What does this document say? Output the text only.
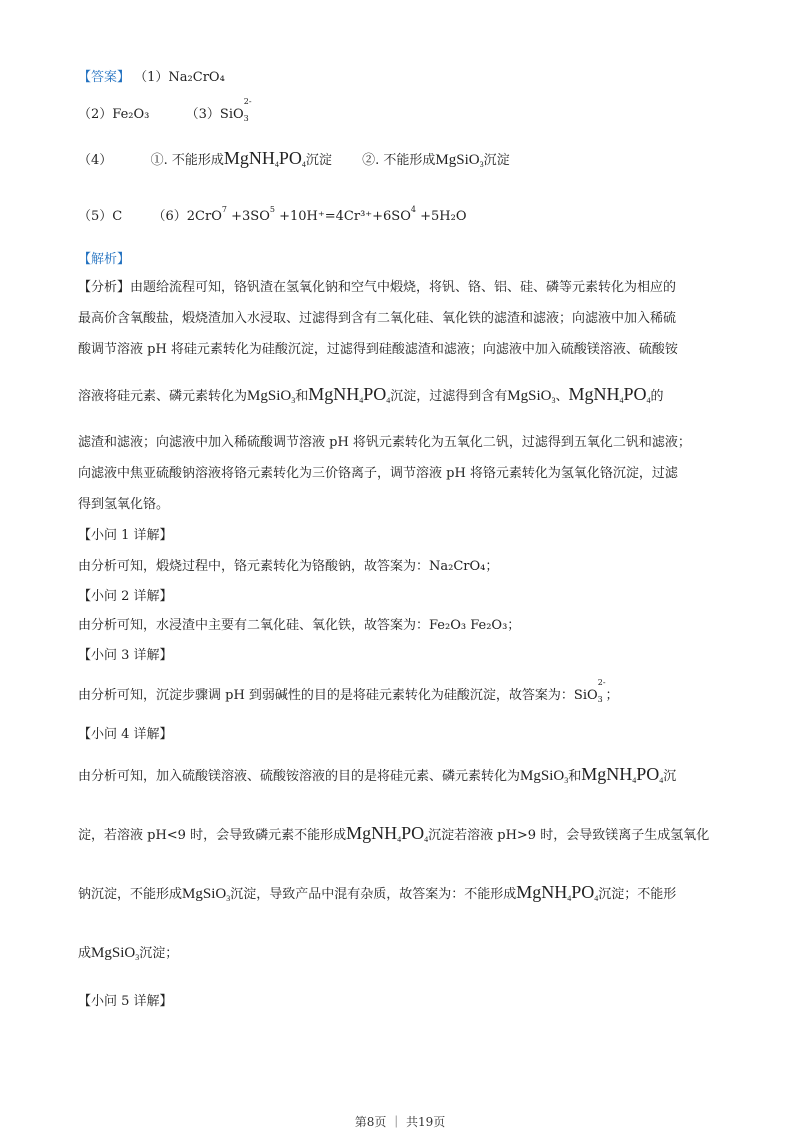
【答案】 （1）Na₂CrO₄
（2）Fe₂O₃	（3）SiO$_3^{2-}$
（4）	①. 不能形成MgNH4PO4沉淀 ②. 不能形成MgSiO$_3$沉淀
（5）C $(6)2CrO^7 +3SO^5 +10H^+=4Cr^{3+}+6SO^4 +5H_2O$
【解析】
【分析】由题给流程可知，铬钒渣在氢氧化钠和空气中煅烧，将钒、铬、铝、硅、磷等元素转化为相应的
最高价含氧酸盐，煅烧渣加入水浸取、过滤得到含有二氧化硅、氧化铁的滤渣和滤液；向滤液中加入稀硫
酸调节溶液 pH 将硅元素转化为硅酸沉淀，过滤得到硅酸滤渣和滤液；向滤液中加入硫酸镁溶液、硫酸铵
溶液将硅元素、磷元素转化为MgSiO$_3$和MgNH4PO4沉淀，过滤得到含有MgSiO$_3$、MgNH4PO4的
滤渣和滤液；向滤液中加入稀硫酸调节溶液 pH 将钒元素转化为五氧化二钒，过滤得到五氧化二钒和滤液；
向滤液中焦亚硫酸钠溶液将铬元素转化为三价铬离子，调节溶液 pH 将铬元素转化为氢氧化铬沉淀，过滤
得到氢氧化铬。
【小问 1 详解】
由分析可知，煅烧过程中，铬元素转化为铬酸钠，故答案为：Na₂CrO₄；
【小问 2 详解】
由分析可知，水浸渣中主要有二氧化硅、氧化铁，故答案为：Fe₂O₃ Fe₂O₃；
【小问 3 详解】
由分析可知，沉淀步骤调 pH 到弱碱性的目的是将硅元素转化为硅酸沉淀，故答案为：SiO$_3^{2-}$；
【小问 4 详解】
由分析可知，加入硫酸镁溶液、硫酸铵溶液的目的是将硅元素、磷元素转化为MgSiO$_3$和MgNH4PO4沉
淀，若溶液 pH<9 时，会导致磷元素不能形成MgNH4PO4沉淀若溶液 pH>9 时，会导致镁离子生成氢氧化
钠沉淀，不能形成MgSiO$_3$沉淀，导致产品中混有杂质，故答案为：不能形成MgNH4PO4沉淀；不能形
成MgSiO$_3$沉淀；
【小问 5 详解】
第8页 ｜ 共19页
